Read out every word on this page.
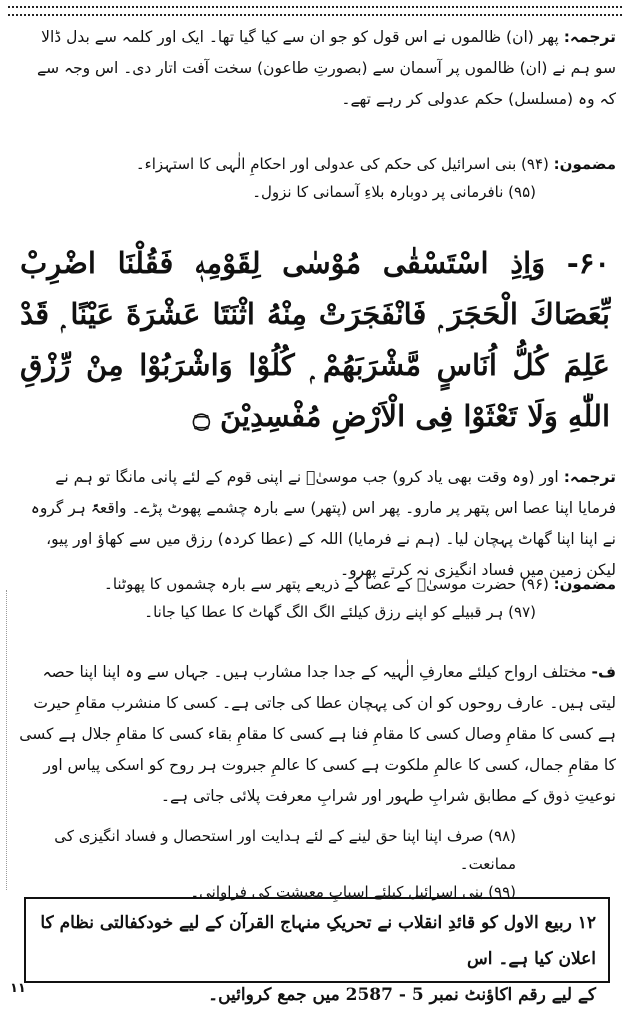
ترجمہ: پھر (ان) ظالموں نے اس قول کو جو ان سے کیا گیا تھا۔ ایک اور کلمہ سے بدل ڈالا سو ہم نے (ان) ظالموں پر آسمان سے (بصورتِ طاعون) سخت آفت اتار دی۔ اس وجہ سے کہ وہ (مسلسل) حکم عدولی کر رہے تھے۔

مضمون: (۹۴) بنی اسرائیل کی حکم کی عدولی اور احکامِ الٰہی کا استہزاء۔

(۹۵) نافرمانی پر دوبارہ بلاءِ آسمانی کا نزول۔

۶۰- وَاِذِ اسْتَسْقٰى مُوْسٰى لِقَوْمِهٖ فَقُلْنَا اضْرِبْ بِّعَصَاكَ الْحَجَرَ ۭ فَانْفَجَرَتْ مِنْهُ اثْنَتَا عَشْرَةَ عَيْنًا ۭ قَدْ عَلِمَ كُلُّ اُنَاسٍ مَّشْرَبَهُمْ ۭ كُلُوْا وَاشْرَبُوْا مِنْ رِّزْقِ اللّٰهِ وَلَا تَعْثَوْا فِى الْاَرْضِ مُفْسِدِيْنَ ۝

ترجمہ: اور (وہ وقت بھی یاد کرو) جب موسیٰؑ نے اپنی قوم کے لئے پانی مانگا تو ہم نے فرمایا اپنا عصا اس پتھر پر مارو۔ پھر اس (پتھر) سے بارہ چشمے پھوٹ پڑے۔ واقعۃً ہر گروہ نے اپنا اپنا گھاٹ پہچان لیا۔ (ہم نے فرمایا) اللہ کے (عطا کردہ) رزق میں سے کھاؤ اور پیو، لیکن زمین میں فساد انگیزی نہ کرتے پھرو۔

مضمون: (۹۶) حضرت موسیٰؑ کے عصا کے ذریعے پتھر سے بارہ چشموں کا پھوٹنا۔

(۹۷) ہر قبیلے کو اپنے رزق کیلئے الگ الگ گھاٹ کا عطا کیا جانا۔

ف- مختلف ارواح کیلئے معارفِ الٰہیہ کے جدا جدا مشارب ہیں۔ جہاں سے وہ اپنا اپنا حصہ لیتی ہیں۔ عارف روحوں کو ان کی پہچان عطا کی جاتی ہے۔ کسی کا منشرب مقامِ حیرت ہے کسی کا مقامِ وصال کسی کا مقامِ فنا ہے کسی کا مقامِ بقاء کسی کا مقامِ جلال ہے کسی کا مقامِ جمال، کسی کا عالمِ ملکوت ہے کسی کا عالمِ جبروت ہر روح کو اسکی پیاس اور نوعیتِ ذوق کے مطابق شرابِ طہور اور شرابِ معرفت پلائی جاتی ہے۔

(۹۸) صرف اپنا اپنا حق لینے کے لئے ہدایت اور استحصال و فساد انگیزی کی ممانعت۔

(۹۹) بنی اسرائیل کیلئے اسبابِ معیشت کی فراوانی۔

۱۲ ربیع الاول کو قائدِ انقلاب نے تحریکِ منہاج القرآن کے لیے خودکفالتی نظام کا اعلان کیا ہے۔ اس
کے لیے رقم اکاؤنٹ نمبر 5 - 2587 میں جمع کروائیں۔
۱۱
